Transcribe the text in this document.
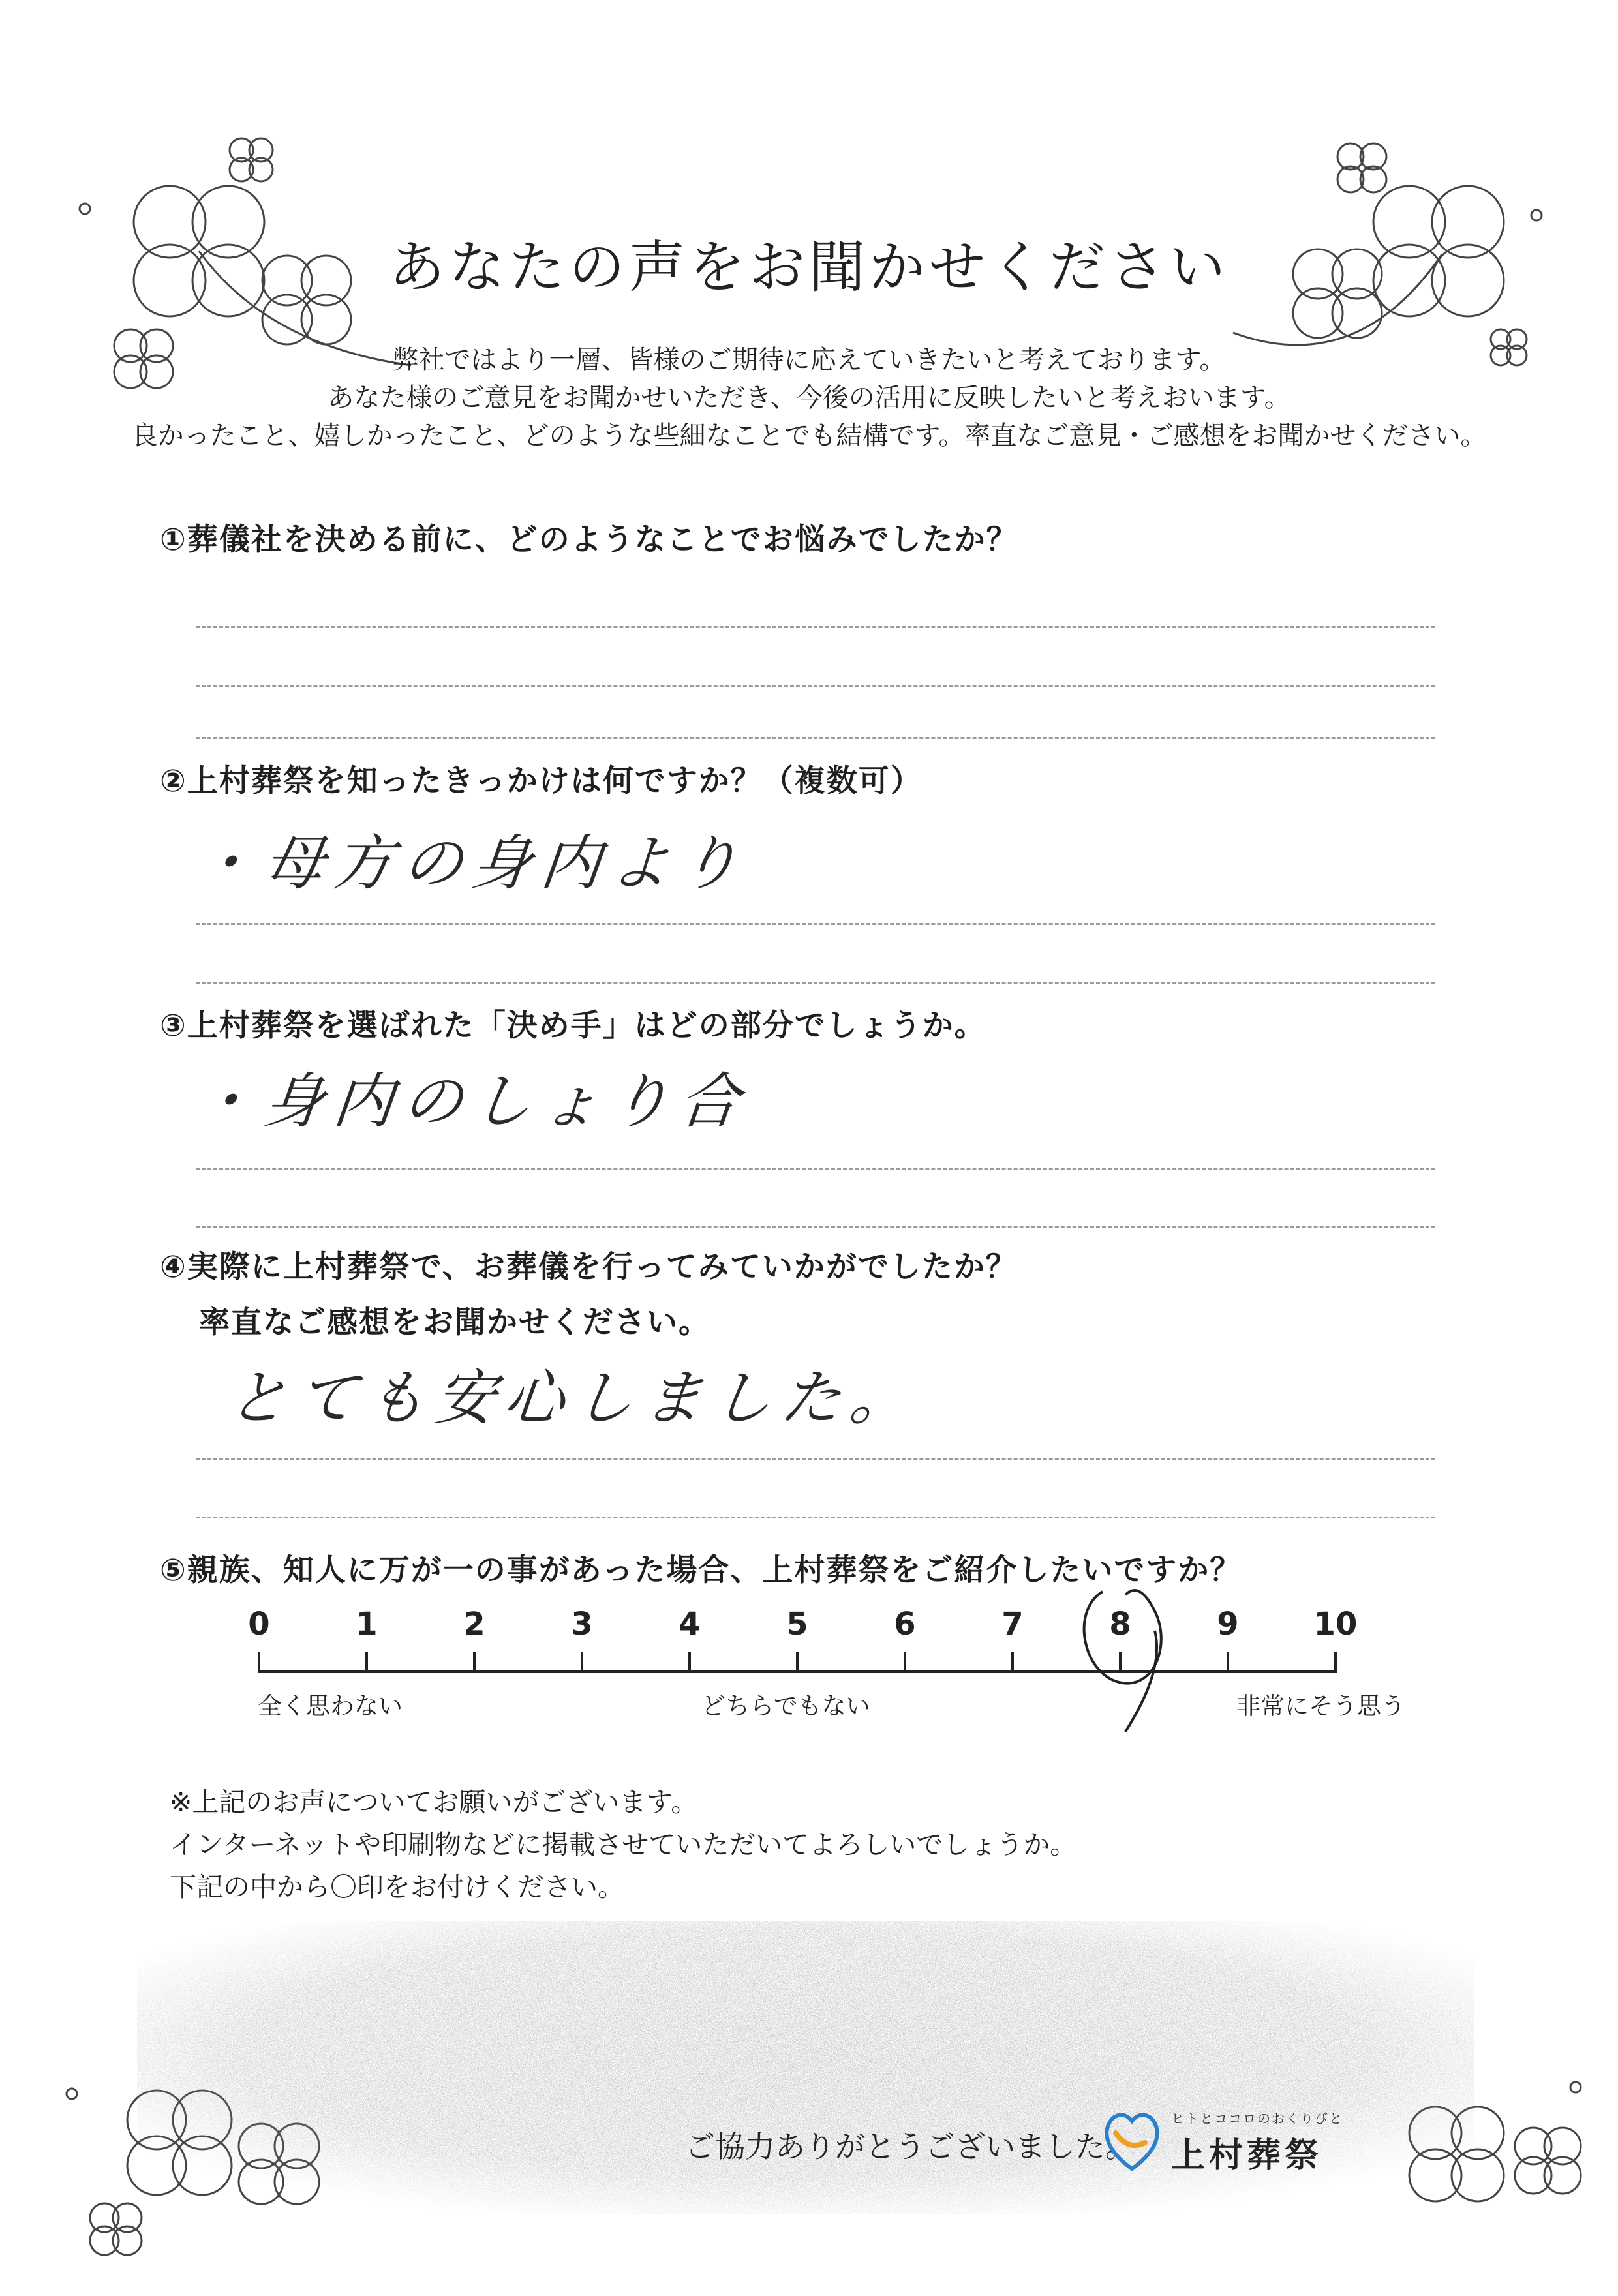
あなたの声をお聞かせください
弊社ではより一層、皆様のご期待に応えていきたいと考えております。
あなた様のご意見をお聞かせいただき、今後の活用に反映したいと考えおいます。
良かったこと、嬉しかったこと、どのような些細なことでも結構です。率直なご意見・ご感想をお聞かせください。
①葬儀社を決める前に、どのようなことでお悩みでしたか？
②上村葬祭を知ったきっかけは何ですか？（複数可）
・母方の身内より
③上村葬祭を選ばれた「決め手」はどの部分でしょうか。
・身内のしょり合
④実際に上村葬祭で、お葬儀を行ってみていかがでしたか？
率直なご感想をお聞かせください。
とても安心しました。
⑤親族、知人に万が一の事があった場合、上村葬祭をご紹介したいですか？
0	1	2	3	4	5	6	7	8	9	10
全く思わない	どちらでもない	非常にそう思う
※上記のお声についてお願いがございます。
インターネットや印刷物などに掲載させていただいてよろしいでしょうか。
下記の中から〇印をお付けください。
ご協力ありがとうございました。
ヒトとココロのおくりびと
上村葬祭
